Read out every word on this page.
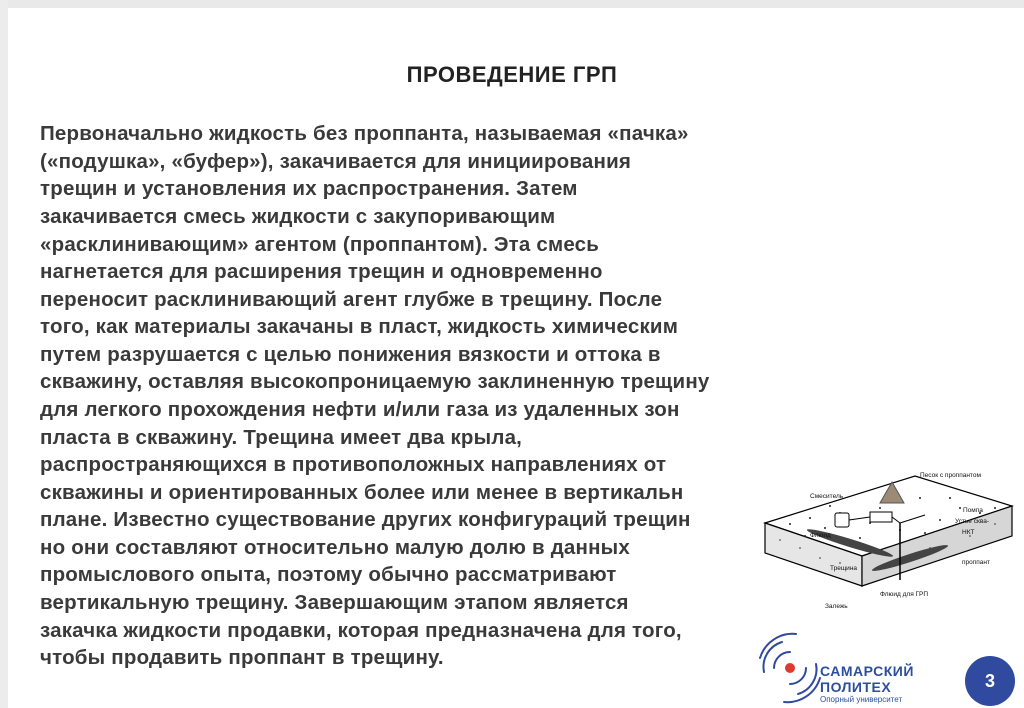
ПРОВЕДЕНИЕ ГРП
Первоначально жидкость без проппанта, называемая «пачка»
(«подушка», «буфер»), закачивается для инициирования
трещин и установления их распространения. Затем
закачивается смесь жидкости с закупоривающим
«расклинивающим» агентом (проппантом). Эта смесь
нагнетается для расширения трещин и одновременно
переносит расклинивающий агент глубже в трещину. После
того, как материалы закачаны в пласт, жидкость химическим
путем разрушается с целью понижения вязкости и оттока в
скважину, оставляя высокопроницаемую заклиненную трещину
для легкого прохождения нефти и/или газа из удаленных зон
пласта в скважину. Трещина имеет два крыла,
распространяющихся в противоположных направлениях от
скважины и ориентированных более или менее в вертикальн
плане. Известно существование других конфигураций трещин
но они составляют относительно малую долю в данных
промыслового опыта, поэтому обычно рассматривают
вертикальную трещину. Завершающим этапом является
закачка жидкости продавки, которая предназначена для того,
чтобы продавить проппант в трещину.
Песок с проппантом
Смеситель
Помпа
Устье сква-
НКТ
Флюид
Трещина
проппант
Флюид для ГРП
Залежь
САМАРСКИЙ
ПОЛИТЕХ
Опорный университет
3
